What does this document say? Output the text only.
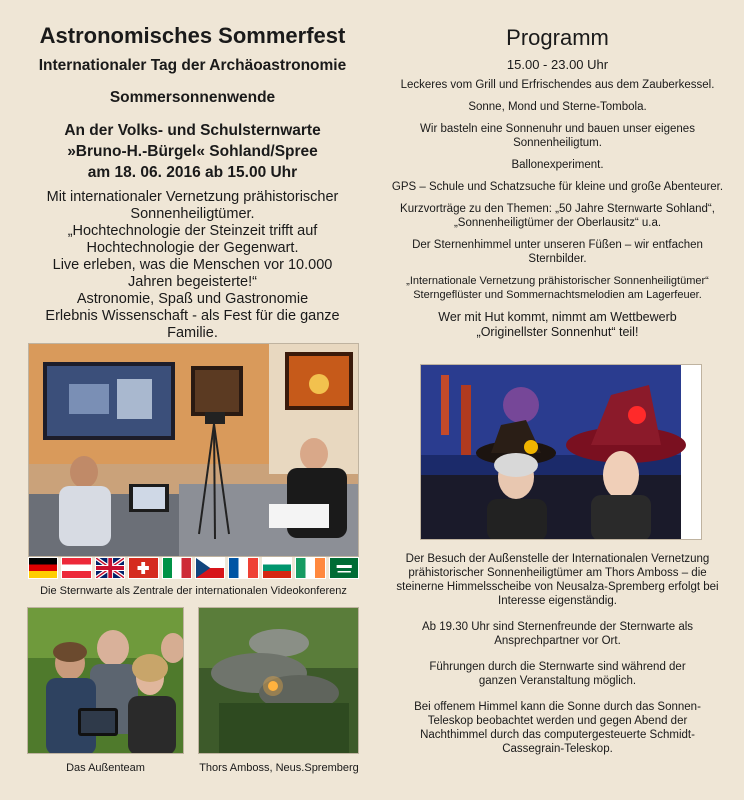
Astronomisches Sommerfest
Internationaler Tag der Archäoastronomie
Sommersonnenwende
An der Volks- und Schulsternwarte
»Bruno-H.-Bürgel« Sohland/Spree
am 18. 06. 2016 ab 15.00 Uhr

Mit internationaler Vernetzung prähistorischer Sonnenheiligtümer.

„Hochtechnologie der Steinzeit trifft auf Hochtechnologie der Gegenwart.

Live erleben, was die Menschen vor 10.000 Jahren begeisterte!“

Astronomie, Spaß und Gastronomie

Erlebnis Wissenschaft - als Fest für die ganze Familie.

Die Sternwarte als Zentrale der internationalen Videokonferenz
Das Außenteam	Thors Amboss, Neus.Spremberg
Programm
15.00 - 23.00 Uhr

Leckeres vom Grill und Erfrischendes aus dem Zauberkessel.

Sonne, Mond und Sterne-Tombola.

Wir basteln eine Sonnenuhr und bauen unser eigenes Sonnenheiligtum.

Ballonexperiment.

GPS – Schule und Schatzsuche für kleine und große Abenteurer.

Kurzvorträge zu den Themen: „50 Jahre Sternwarte Sohland“, „Sonnenheiligtümer der Oberlausitz“ u.a.

Der Sternenhimmel unter unseren Füßen – wir entfachen Sternbilder.

„Internationale Vernetzung prähistorischer Sonnenheiligtümer“ Sterngeflüster und Sommernachtsmelodien am Lagerfeuer.

Wer mit Hut kommt, nimmt am Wettbewerb „Originellster Sonnenhut“ teil!

Der Besuch der Außenstelle der Internationalen Vernetzung prähistorischer Sonnenheiligtümer am Thors Amboss – die steinerne Himmelsscheibe von Neusalza-Spremberg erfolgt bei Interesse eigenständig.

Ab 19.30 Uhr sind Sternenfreunde der Sternwarte als Ansprechpartner vor Ort.

Führungen durch die Sternwarte sind während der ganzen Veranstaltung möglich.

Bei offenem Himmel kann die Sonne durch das Sonnen-Teleskop beobachtet werden und gegen Abend der Nachthimmel durch das computergesteuerte Schmidt-Cassegrain-Teleskop.
